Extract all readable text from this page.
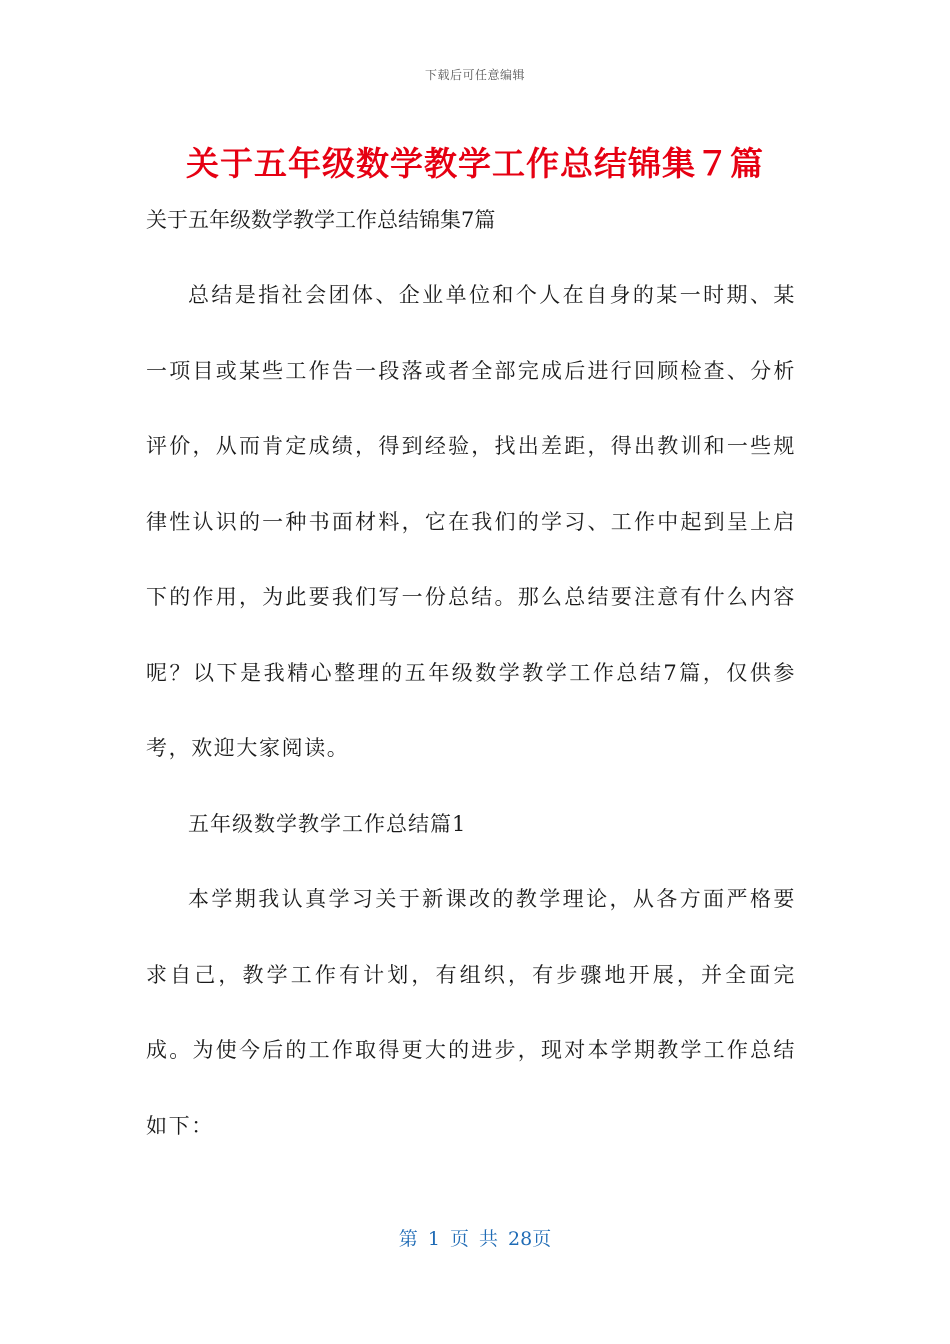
下载后可任意编辑
关于五年级数学教学工作总结锦集７篇

关于五年级数学教学工作总结锦集7篇

总结是指社会团体、企业单位和个人在自身的某一时期、某一项目或某些工作告一段落或者全部完成后进行回顾检查、分析评价，从而肯定成绩，得到经验，找出差距，得出教训和一些规律性认识的一种书面材料，它在我们的学习、工作中起到呈上启下的作用，为此要我们写一份总结。那么总结要注意有什么内容呢？以下是我精心整理的五年级数学教学工作总结7篇，仅供参考，欢迎大家阅读。

五年级数学教学工作总结篇1

本学期我认真学习关于新课改的教学理论，从各方面严格要求自己，教学工作有计划，有组织，有步骤地开展，并全面完成。为使今后的工作取得更大的进步，现对本学期教学工作总结如下：

第 1 页 共 28页
